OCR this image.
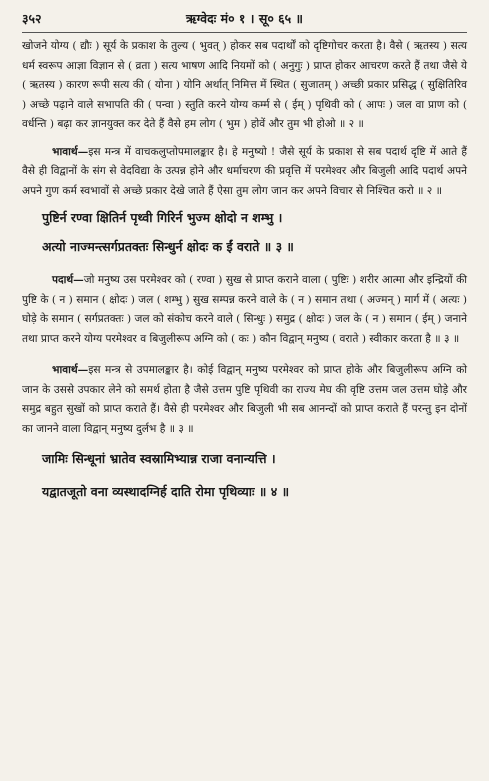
३५२	ऋग्वेदः मं० १ । सू० ६५ ॥

खोजने योग्य ( द्यौः ) सूर्य के प्रकाश के तुल्य ( भुवत् ) होकर सब पदार्थों को दृष्टिगोचर करता है। वैसे ( ऋतस्य ) सत्य धर्म स्वरूप आज्ञा विज्ञान से ( व्रता ) सत्य भाषण आदि नियमों को ( अनुगुः ) प्राप्त होकर आचरण करते हैं तथा जैसे ये ( ऋतस्य ) कारण रूपी सत्य की ( योना ) योनि अर्थात् निमित्त में स्थित ( सुजातम् ) अच्छी प्रकार प्रसिद्ध ( सुक्षितिरिव ) अच्छे पढ़ाने वाले सभापति की ( पन्वा ) स्तुति करने योग्य कर्म्म से ( ईम् ) पृथिवी को ( आपः ) जल वा प्राण को ( वर्धन्ति ) बढ़ा कर ज्ञानयुक्त कर देते हैं वैसे हम लोग ( भुम ) होवें और तुम भी होओ ॥ २ ॥

भावार्थ—इस मन्त्र में वाचकलुप्तोपमालङ्कार है। हे मनुष्यो ! जैसे सूर्य के प्रकाश से सब पदार्थ दृष्टि में आते हैं वैसे ही विद्वानों के संग से वेदविद्या के उत्पन्न होने और धर्माचरण की प्रवृत्ति में परमेश्वर और बिजुली आदि पदार्थ अपने अपने गुण कर्म स्वभावों से अच्छे प्रकार देखे जाते हैं ऐसा तुम लोग जान कर अपने विचार से निश्चित करो ॥ २ ॥

पुष्टिर्न रण्वा क्षितिर्न पृथ्वी गिरिर्न भुज्म क्षोदो न शम्भु ।
अत्यो नाज्मन्त्सर्गप्रतक्तः सिन्धुर्न क्षोदः क ईं वराते ॥ ३ ॥

पदार्थ—जो मनुष्य उस परमेश्वर को ( रण्वा ) सुख से प्राप्त कराने वाला ( पुष्टिः ) शरीर आत्मा और इन्द्रियों की पुष्टि के ( न ) समान ( क्षोदः ) जल ( शम्भु ) सुख सम्पन्न करने वाले के ( न ) समान तथा ( अज्मन् ) मार्ग में ( अत्यः ) घोड़े के समान ( सर्गप्रतक्तः ) जल को संकोच करने वाले ( सिन्धुः ) समुद्र ( क्षोदः ) जल के ( न ) समान ( ईम् ) जनाने तथा प्राप्त करने योग्य परमेश्वर व बिजुलीरूप अग्नि को ( कः ) कौन विद्वान् मनुष्य ( वराते ) स्वीकार करता है ॥ ३ ॥

भावार्थ—इस मन्त्र से उपमालङ्कार है। कोई विद्वान् मनुष्य परमेश्वर को प्राप्त होके और बिजुलीरूप अग्नि को जान के उससे उपकार लेने को समर्थ होता है जैसे उत्तम पुष्टि पृथिवी का राज्य मेघ की वृष्टि उत्तम जल उत्तम घोड़े और समुद्र बहुत सुखों को प्राप्त कराते हैं। वैसे ही परमेश्वर और बिजुली भी सब आनन्दों को प्राप्त कराते हैं परन्तु इन दोनों का जानने वाला विद्वान् मनुष्य दुर्लभ है ॥ ३ ॥

जामिः सिन्धूनां भ्रातेव स्वस्रामिभ्यान्न राजा वनान्यत्ति ।
यद्वातजूतो वना व्यस्थादग्निर्ह दाति रोमा पृथिव्याः ॥ ४ ॥
